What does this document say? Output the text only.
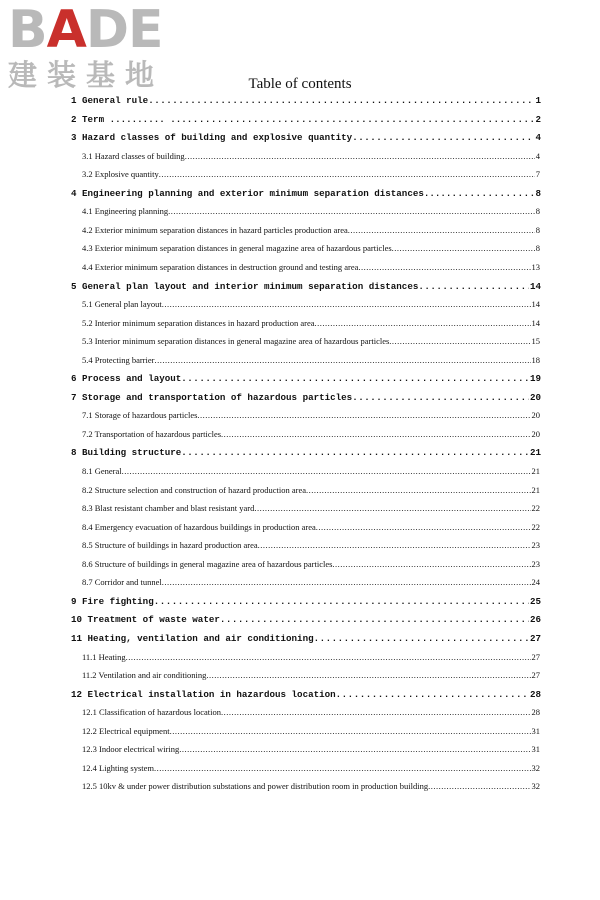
BADE
建装基地	Table of contents
1 General rule .....	1
2 Term .......... ... .....	2
3 Hazard classes of building and explosive quantity .....	4
3.1 Hazard classes of building .....	4
3.2 Explosive quantity .....	7
4 Engineering planning and exterior minimum separation distances..... .....	8
4.1 Engineering planning .....	8
4.2 Exterior minimum separation distances in hazard particles production area .....	8
4.3 Exterior minimum separation distances in general magazine area of hazardous particles .....	8
4.4 Exterior minimum separation distances in destruction ground and testing area .....	13
5 General plan layout and interior minimum separation distances .....	14
5.1 General plan layout .....	14
5.2 Interior minimum separation distances in hazard production area .....	14
5.3 Interior minimum separation distances in general magazine area of hazardous particles .....	15
5.4 Protecting barrier .....	18
6 Process and layout .....	19
7 Storage and transportation of hazardous particles .....	20
7.1 Storage of hazardous particles .....	20
7.2 Transportation of hazardous particles .....	20
8 Building structure .....	21
8.1 General .....	21
8.2 Structure selection and construction of hazard production area .....	21
8.3 Blast resistant chamber and blast resistant yard .....	22
8.4 Emergency evacuation of hazardous buildings in production area .....	22
8.5 Structure of buildings in hazard production area .....	23
8.6 Structure of buildings in general magazine area of hazardous particles .....	23
8.7 Corridor and tunnel .....	24
9 Fire fighting .....	25
10 Treatment of waste water .....	26
11 Heating, ventilation and air conditioning .....	27
11.1 Heating .....	27
11.2 Ventilation and air conditioning .....	27
12 Electrical installation in hazardous location .....	28
12.1 Classification of hazardous location .....	28
12.2 Electrical equipment .....	31
12.3 Indoor electrical wiring .....	31
12.4 Lighting system .....	32
12.5 10kv & under power distribution substations and power distribution room in production building .....	32
